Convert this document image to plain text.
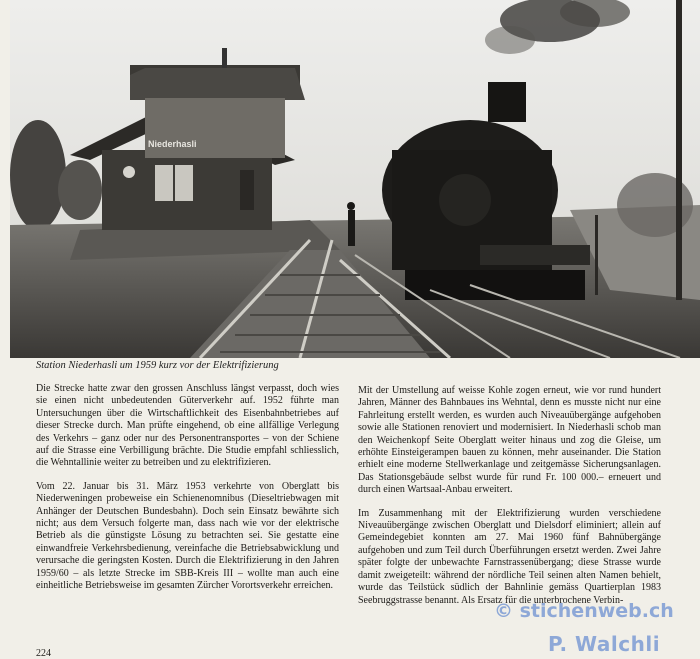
Niederhasli
Station Niederhasli um 1959 kurz vor der Elektrifizierung

Die Strecke hatte zwar den grossen Anschluss längst verpasst, doch wies sie einen nicht unbedeutenden Güterverkehr auf. 1952 führte man Untersuchungen über die Wirtschaftlichkeit des Eisenbahnbetriebes auf dieser Strecke durch. Man prüfte eingehend, ob eine allfällige Verlegung des Verkehrs – ganz oder nur des Personentransportes – von der Schiene auf die Strasse eine Verbilligung brächte. Die Studie empfahl schliesslich, die Wehntallinie weiter zu betreiben und zu elektrifizieren.

Vom 22. Januar bis 31. März 1953 verkehrte von Oberglatt bis Niederweningen probeweise ein Schienenomnibus (Dieseltriebwagen mit Anhänger der Deutschen Bundesbahn). Doch sein Einsatz bewährte sich nicht; aus dem Versuch folgerte man, dass nach wie vor der elektrische Betrieb als die günstigste Lösung zu betrachten sei. Sie gestatte eine einwandfreie Verkehrsbedienung, vereinfache die Betriebsabwicklung und verursache die geringsten Kosten. Durch die Elektrifizierung in den Jahren 1959/60 – als letzte Strecke im SBB-Kreis III – wollte man auch eine einheitliche Betriebsweise im gesamten Zürcher Vorortsverkehr erreichen.

Mit der Umstellung auf weisse Kohle zogen erneut, wie vor rund hundert Jahren, Männer des Bahnbaues ins Wehntal, denn es musste nicht nur eine Fahrleitung erstellt werden, es wurden auch Niveauübergänge aufgehoben sowie alle Stationen renoviert und modernisiert. In Niederhasli schob man den Weichenkopf Seite Oberglatt weiter hinaus und zog die Gleise, um erhöhte Einsteigerampen bauen zu können, mehr auseinander. Die Station erhielt eine moderne Stellwerkanlage und zeitgemässe Sicherungsanlagen. Das Stationsgebäude selbst wurde für rund Fr. 100 000.– erneuert und durch einen Wartsaal-Anbau erweitert.

Im Zusammenhang mit der Elektrifizierung wurden verschiedene Niveauübergänge zwischen Oberglatt und Dielsdorf eliminiert; allein auf Gemeindegebiet konnten am 27. Mai 1960 fünf Bahnübergänge aufgehoben und zum Teil durch Überführungen ersetzt werden. Zwei Jahre später folgte der unbewachte Farnstrassenübergang; diese Strasse wurde damit zweigeteilt: während der nördliche Teil seinen alten Namen behielt, wurde das Teilstück südlich der Bahnlinie gemäss Quartierplan 1983 Seebruggstrasse benannt. Als Ersatz für die unterbrochene Verbin-

224
© stichenweb.ch
P. Walchli
